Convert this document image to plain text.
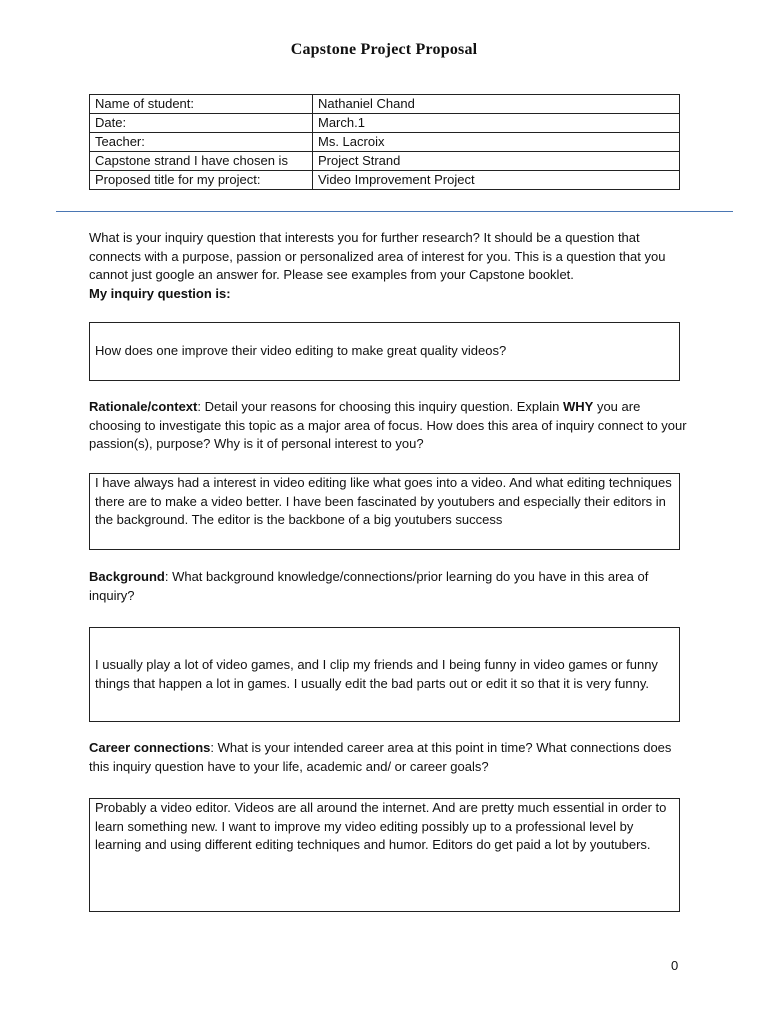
Capstone Project Proposal
Name of student:	Nathaniel Chand
Date:	March.1
Teacher:	Ms. Lacroix
Capstone strand I have chosen is	Project Strand
Proposed title for my project:	Video Improvement Project
What is your inquiry question that interests you for further research? It should be a question that connects with a purpose, passion or personalized area of interest for you. This is a question that you cannot just google an answer for. Please see examples from your Capstone booklet.
My inquiry question is:
How does one improve their video editing to make great quality videos?
Rationale/context: Detail your reasons for choosing this inquiry question. Explain WHY you are choosing to investigate this topic as a major area of focus. How does this area of inquiry connect to your passion(s), purpose? Why is it of personal interest to you?
I have always had a interest in video editing like what goes into a video. And what editing techniques there are to make a video better. I have been fascinated by youtubers and especially their editors in the background. The editor is the backbone of a big youtubers success
Background: What background knowledge/connections/prior learning do you have in this area of inquiry?
I usually play a lot of video games, and I clip my friends and I being funny in video games or funny things that happen a lot in games. I usually edit the bad parts out or edit it so that it is very funny.
Career connections: What is your intended career area at this point in time? What connections does this inquiry question have to your life, academic and/ or career goals?
Probably a video editor. Videos are all around the internet. And are pretty much essential in order to learn something new. I want to improve my video editing possibly up to a professional level by learning and using different editing techniques and humor. Editors do get paid a lot by youtubers.
0
